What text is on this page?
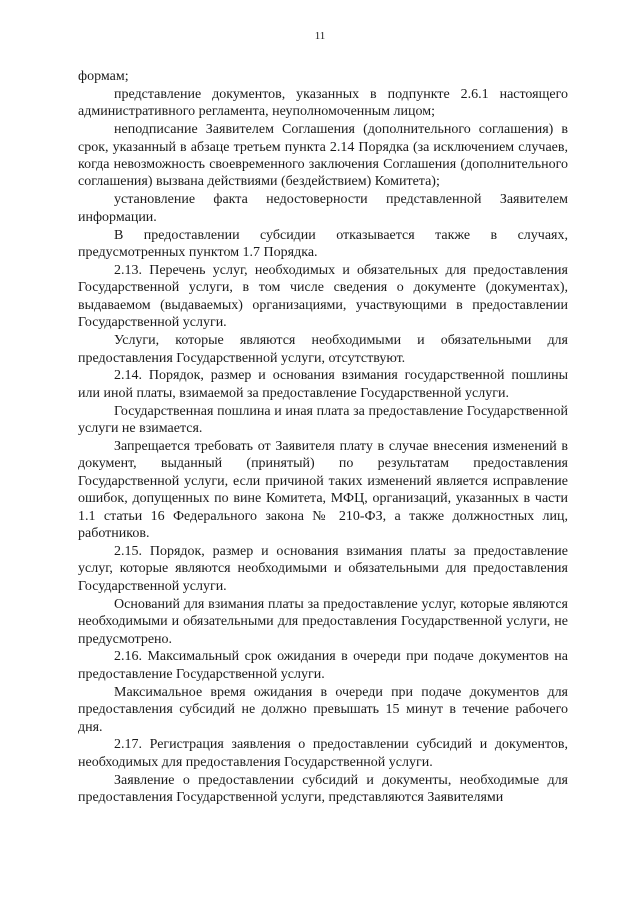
11

формам;

представление документов, указанных в подпункте 2.6.1 настоящего административного регламента, неуполномоченным лицом;

неподписание Заявителем Соглашения (дополнительного соглашения) в срок, указанный в абзаце третьем пункта 2.14 Порядка (за исключением случаев, когда невозможность своевременного заключения Соглашения (дополнительного соглашения) вызвана действиями (бездействием) Комитета);

установление факта недостоверности представленной Заявителем информации.

В предоставлении субсидии отказывается также в случаях, предусмотренных пунктом 1.7 Порядка.

2.13. Перечень услуг, необходимых и обязательных для предоставления Государственной услуги, в том числе сведения о документе (документах), выдаваемом (выдаваемых) организациями, участвующими в предоставлении Государственной услуги.

Услуги, которые являются необходимыми и обязательными для предоставления Государственной услуги, отсутствуют.

2.14. Порядок, размер и основания взимания государственной пошлины или иной платы, взимаемой за предоставление Государственной услуги.

Государственная пошлина и иная плата за предоставление Государственной услуги не взимается.

Запрещается требовать от Заявителя плату в случае внесения изменений в документ, выданный (принятый) по результатам предоставления Государственной услуги, если причиной таких изменений является исправление ошибок, допущенных по вине Комитета, МФЦ, организаций, указанных в части 1.1 статьи 16 Федерального закона № 210-ФЗ, а также должностных лиц, работников.

2.15. Порядок, размер и основания взимания платы за предоставление услуг, которые являются необходимыми и обязательными для предоставления Государственной услуги.

Оснований для взимания платы за предоставление услуг, которые являются необходимыми и обязательными для предоставления Государственной услуги, не предусмотрено.

2.16. Максимальный срок ожидания в очереди при подаче документов на предоставление Государственной услуги.

Максимальное время ожидания в очереди при подаче документов для предоставления субсидий не должно превышать 15 минут в течение рабочего дня.

2.17. Регистрация заявления о предоставлении субсидий и документов, необходимых для предоставления Государственной услуги.

Заявление о предоставлении субсидий и документы, необходимые для предоставления Государственной услуги, представляются Заявителями
